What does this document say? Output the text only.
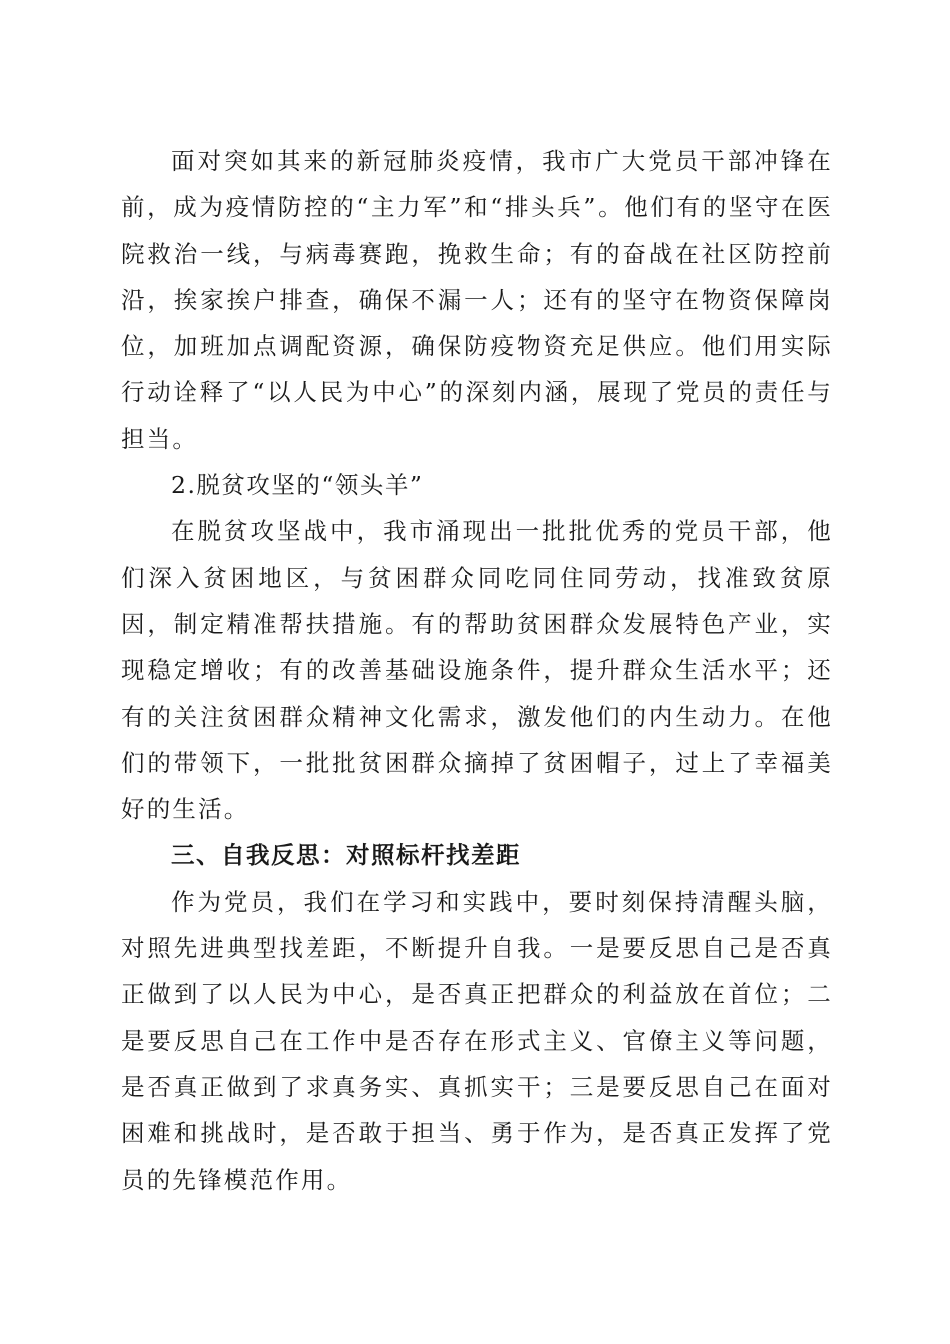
面对突如其来的新冠肺炎疫情，我市广大党员干部冲锋在前，成为疫情防控的“主力军”和“排头兵”。他们有的坚守在医院救治一线，与病毒赛跑，挽救生命；有的奋战在社区防控前沿，挨家挨户排查，确保不漏一人；还有的坚守在物资保障岗位，加班加点调配资源，确保防疫物资充足供应。他们用实际行动诠释了“以人民为中心”的深刻内涵，展现了党员的责任与担当。

2.脱贫攻坚的“领头羊”

在脱贫攻坚战中，我市涌现出一批批优秀的党员干部，他们深入贫困地区，与贫困群众同吃同住同劳动，找准致贫原因，制定精准帮扶措施。有的帮助贫困群众发展特色产业，实现稳定增收；有的改善基础设施条件，提升群众生活水平；还有的关注贫困群众精神文化需求，激发他们的内生动力。在他们的带领下，一批批贫困群众摘掉了贫困帽子，过上了幸福美好的生活。

三、自我反思：对照标杆找差距

作为党员，我们在学习和实践中，要时刻保持清醒头脑，对照先进典型找差距，不断提升自我。一是要反思自己是否真正做到了以人民为中心，是否真正把群众的利益放在首位；二是要反思自己在工作中是否存在形式主义、官僚主义等问题，是否真正做到了求真务实、真抓实干；三是要反思自己在面对困难和挑战时，是否敢于担当、勇于作为，是否真正发挥了党员的先锋模范作用。
